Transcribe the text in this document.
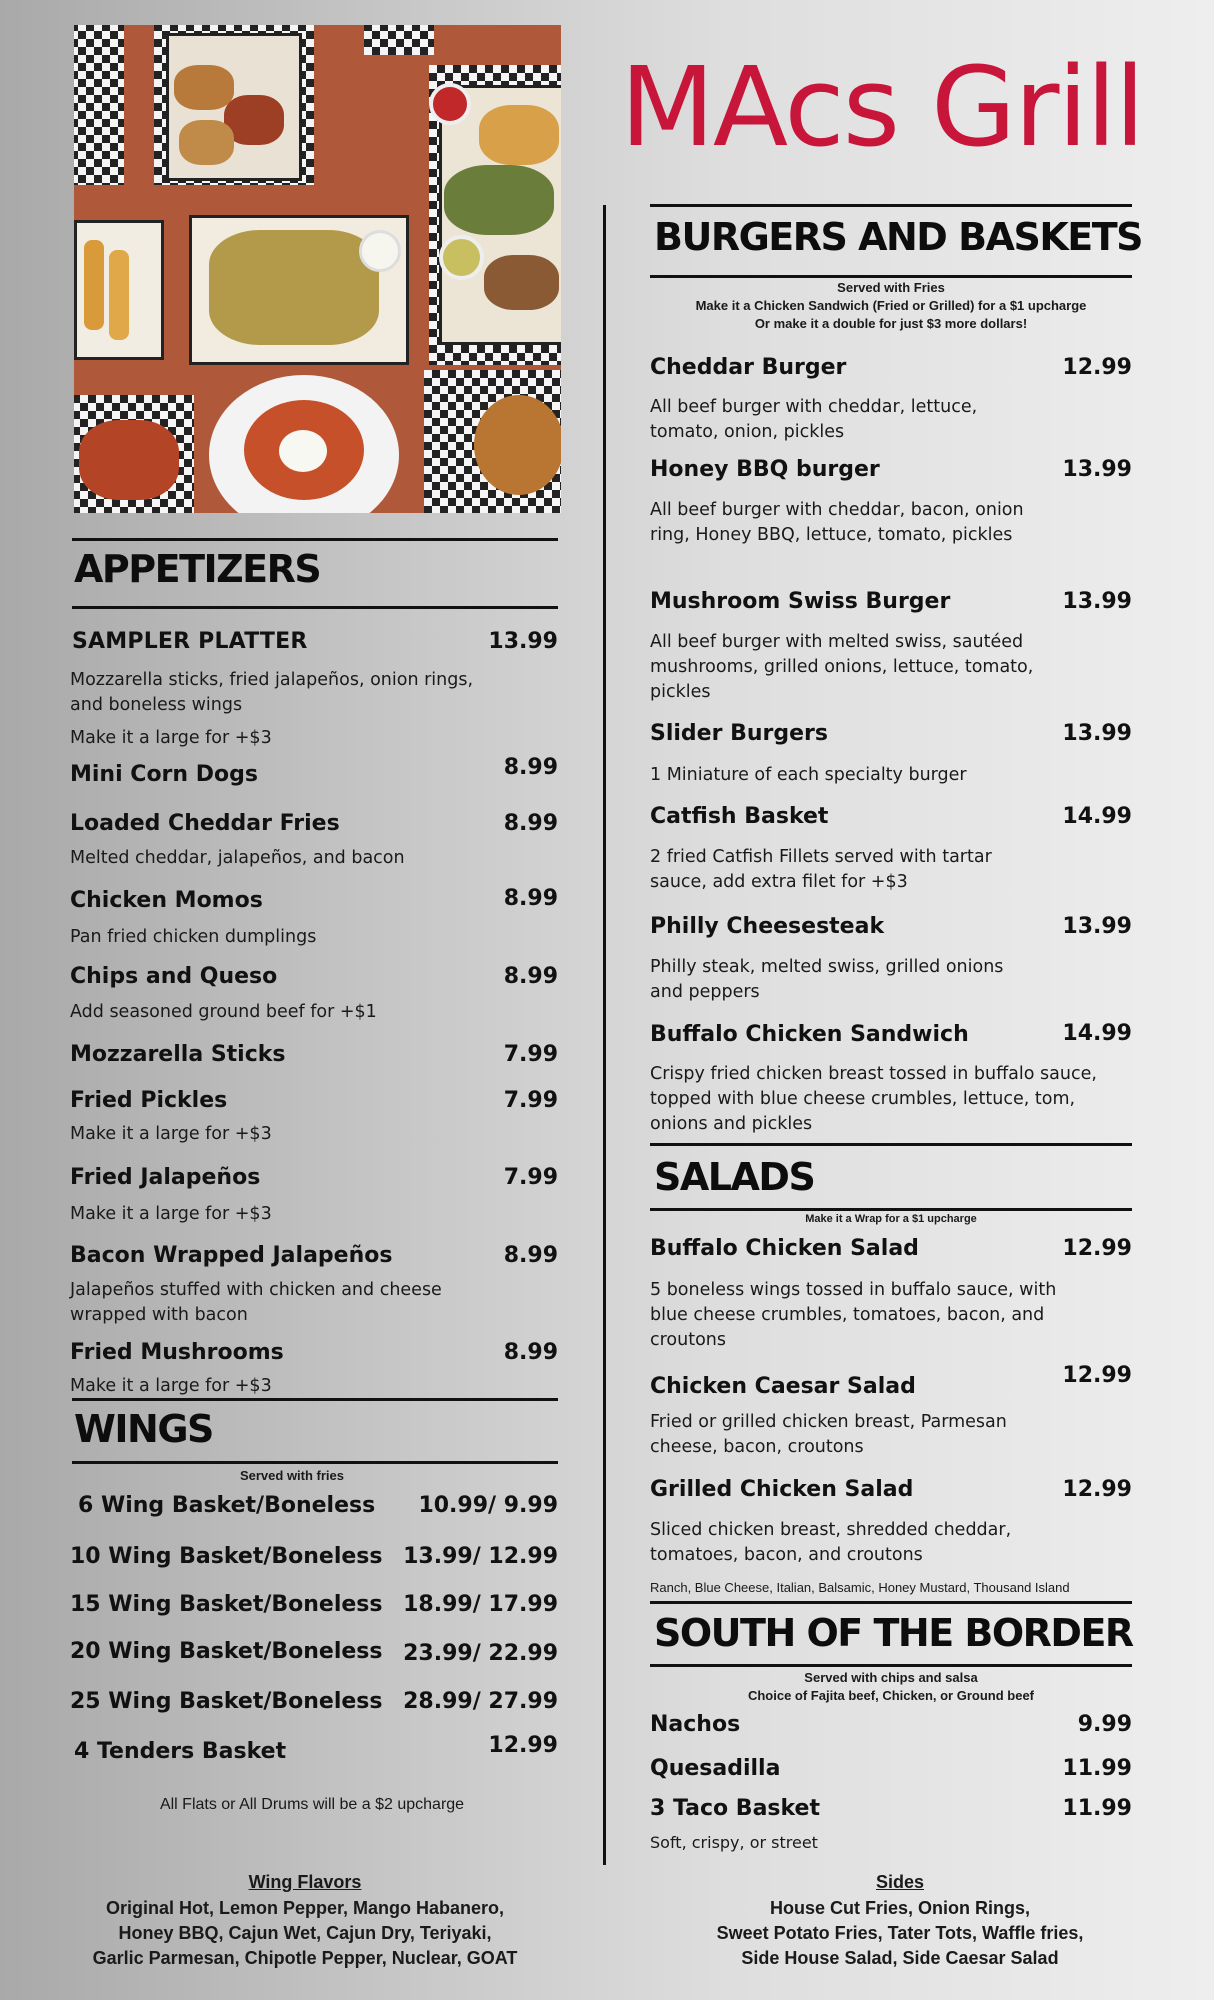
MAcs Grill
APPETIZERS
SAMPLER PLATTER	13.99
Mozzarella sticks, fried jalapeños, onion rings, and boneless wings
Make it a large for +$3
Mini Corn Dogs	8.99
Loaded Cheddar Fries	8.99
Melted cheddar, jalapeños, and bacon
Chicken Momos	8.99
Pan fried chicken dumplings
Chips and Queso	8.99
Add seasoned ground beef for +$1
Mozzarella Sticks	7.99
Fried Pickles	7.99
Make it a large for +$3
Fried Jalapeños	7.99
Make it a large for +$3
Bacon Wrapped Jalapeños	8.99
Jalapeños stuffed with chicken and cheese wrapped with bacon
Fried Mushrooms	8.99
Make it a large for +$3
WINGS
Served with fries
6 Wing Basket/Boneless	10.99/ 9.99
10 Wing Basket/Boneless 13.99/ 12.99
15 Wing Basket/Boneless 18.99/ 17.99
20 Wing Basket/Boneless 23.99/ 22.99
25 Wing Basket/Boneless 28.99/ 27.99
4 Tenders Basket	12.99
All Flats or All Drums will be a $2 upcharge
Wing Flavors
Original Hot, Lemon Pepper, Mango Habanero,
Honey BBQ, Cajun Wet, Cajun Dry, Teriyaki,
Garlic Parmesan, Chipotle Pepper, Nuclear, GOAT
BURGERS AND BASKETS
Served with Fries
Make it a Chicken Sandwich (Fried or Grilled) for a $1 upcharge
Or make it a double for just $3 more dollars!
Cheddar Burger	12.99
All beef burger with cheddar, lettuce, tomato, onion, pickles
Honey BBQ burger	13.99
All beef burger with cheddar, bacon, onion ring, Honey BBQ, lettuce, tomato, pickles
Mushroom Swiss Burger	13.99
All beef burger with melted swiss, sautéed mushrooms, grilled onions, lettuce, tomato, pickles
Slider Burgers	13.99
1 Miniature of each specialty burger
Catfish Basket	14.99
2 fried Catfish Fillets served with tartar sauce, add extra filet for +$3
Philly Cheesesteak	13.99
Philly steak, melted swiss, grilled onions and peppers
Buffalo Chicken Sandwich	14.99
Crispy fried chicken breast tossed in buffalo sauce, topped with blue cheese crumbles, lettuce, tom, onions and pickles
SALADS
Make it a Wrap for a $1 upcharge
Buffalo Chicken Salad	12.99
5 boneless wings tossed in buffalo sauce, with blue cheese crumbles, tomatoes, bacon, and croutons
Chicken Caesar Salad	12.99
Fried or grilled chicken breast, Parmesan cheese, bacon, croutons
Grilled Chicken Salad	12.99
Sliced chicken breast, shredded cheddar, tomatoes, bacon, and croutons
Ranch, Blue Cheese, Italian, Balsamic, Honey Mustard, Thousand Island
SOUTH OF THE BORDER
Served with chips and salsa
Choice of Fajita beef, Chicken, or Ground beef
Nachos	9.99
Quesadilla	11.99
3 Taco Basket	11.99
Soft, crispy, or street
Sides
House Cut Fries, Onion Rings,
Sweet Potato Fries, Tater Tots, Waffle fries,
Side House Salad, Side Caesar Salad
